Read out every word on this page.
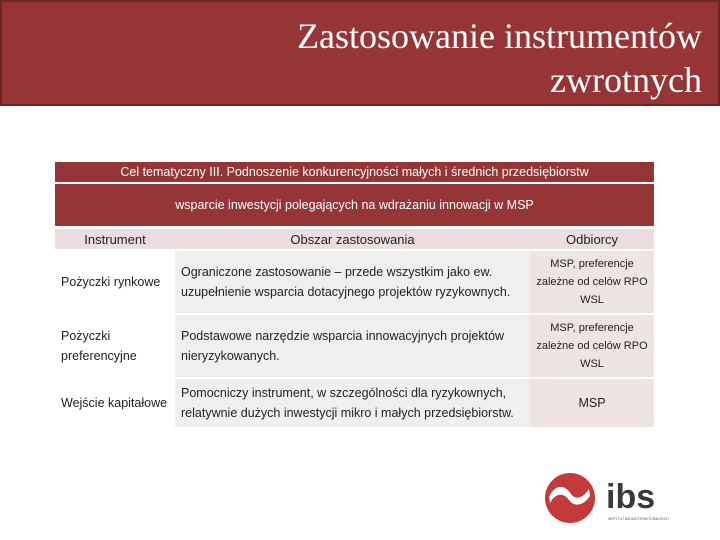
Zastosowanie instrumentów
zwrotnych
Cel tematyczny III. Podnoszenie konkurencyjności małych i średnich przedsiębiorstw
wsparcie inwestycji polegających na wdrażaniu innowacji w MSP
Instrument	Obszar zastosowania	Odbiorcy
Pożyczki rynkowe	Ograniczone zastosowanie – przede wszystkim jako ew. uzupełnienie wsparcia dotacyjnego projektów ryzykownych.	MSP, preferencje zależne od celów RPO WSL
Pożyczki preferencyjne	Podstawowe narzędzie wsparcia innowacyjnych projektów nieryzykowanych.	MSP, preferencje zależne od celów RPO WSL
Wejście kapitałowe	Pomocniczy instrument, w szczególności dla ryzykownych, relatywnie dużych inwestycji mikro i małych przedsiębiorstw.	MSP
ibs
INSTYTUT BADAŃ STRUKTURALNYCH
